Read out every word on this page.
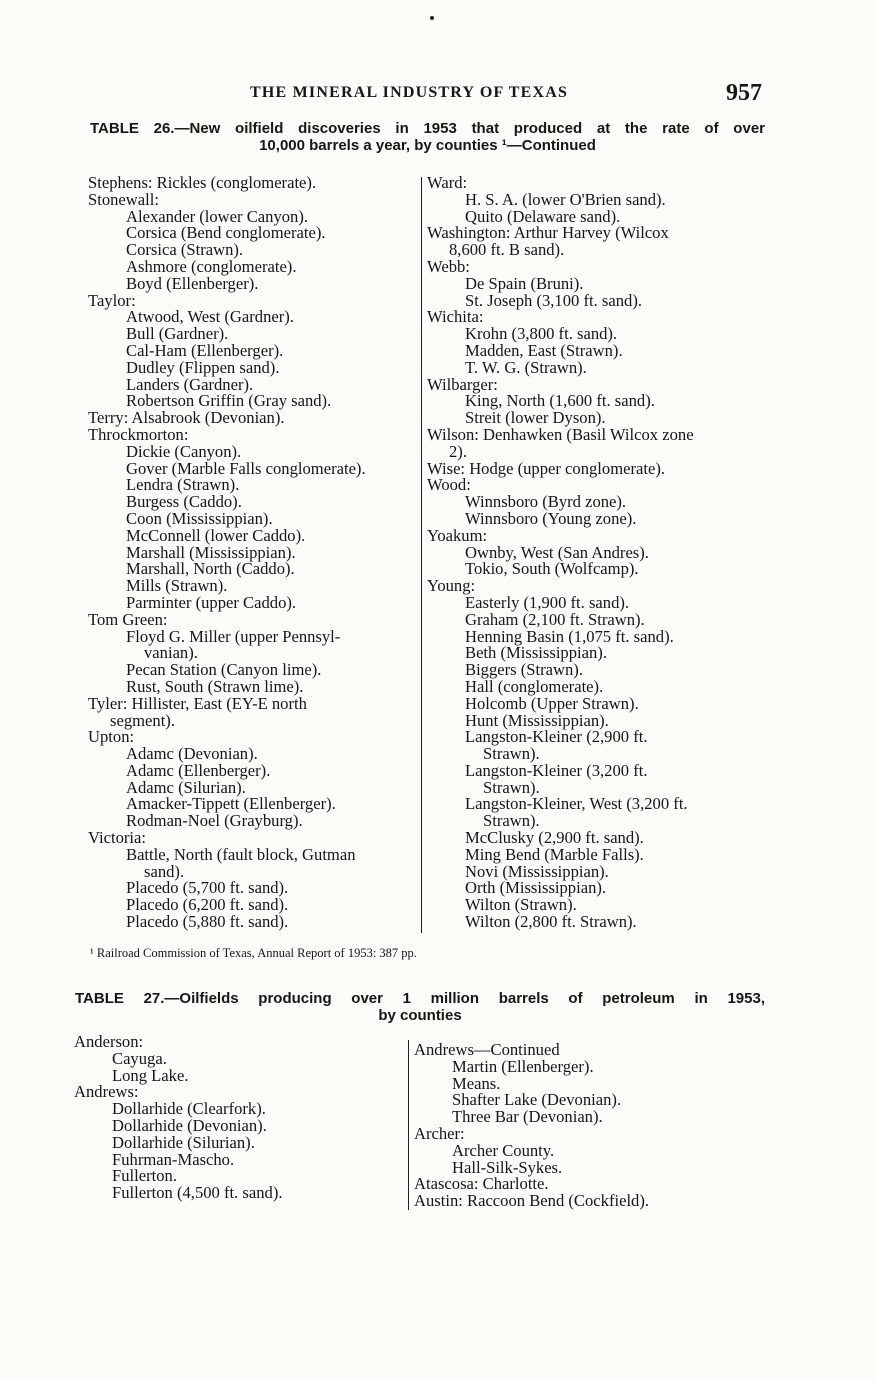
THE MINERAL INDUSTRY OF TEXAS	957
TABLE 26.—New oilfield discoveries in 1953 that produced at the rate of over
10,000 barrels a year, by counties ¹—Continued
Stephens: Rickles (conglomerate).
Stonewall:
Alexander (lower Canyon).
Corsica (Bend conglomerate).
Corsica (Strawn).
Ashmore (conglomerate).
Boyd (Ellenberger).
Taylor:
Atwood, West (Gardner).
Bull (Gardner).
Cal-Ham (Ellenberger).
Dudley (Flippen sand).
Landers (Gardner).
Robertson Griffin (Gray sand).
Terry: Alsabrook (Devonian).
Throckmorton:
Dickie (Canyon).
Gover (Marble Falls conglomerate).
Lendra (Strawn).
Burgess (Caddo).
Coon (Mississippian).
McConnell (lower Caddo).
Marshall (Mississippian).
Marshall, North (Caddo).
Mills (Strawn).
Parminter (upper Caddo).
Tom Green:
Floyd G. Miller (upper Pennsyl-
vanian).
Pecan Station (Canyon lime).
Rust, South (Strawn lime).
Tyler: Hillister, East (EY-E north
segment).
Upton:
Adamc (Devonian).
Adamc (Ellenberger).
Adamc (Silurian).
Amacker-Tippett (Ellenberger).
Rodman-Noel (Grayburg).
Victoria:
Battle, North (fault block, Gutman
sand).
Placedo (5,700 ft. sand).
Placedo (6,200 ft. sand).
Placedo (5,880 ft. sand).
Ward:
H. S. A. (lower O'Brien sand).
Quito (Delaware sand).
Washington: Arthur Harvey (Wilcox
8,600 ft. B sand).
Webb:
De Spain (Bruni).
St. Joseph (3,100 ft. sand).
Wichita:
Krohn (3,800 ft. sand).
Madden, East (Strawn).
T. W. G. (Strawn).
Wilbarger:
King, North (1,600 ft. sand).
Streit (lower Dyson).
Wilson: Denhawken (Basil Wilcox zone
2).
Wise: Hodge (upper conglomerate).
Wood:
Winnsboro (Byrd zone).
Winnsboro (Young zone).
Yoakum:
Ownby, West (San Andres).
Tokio, South (Wolfcamp).
Young:
Easterly (1,900 ft. sand).
Graham (2,100 ft. Strawn).
Henning Basin (1,075 ft. sand).
Beth (Mississippian).
Biggers (Strawn).
Hall (conglomerate).
Holcomb (Upper Strawn).
Hunt (Mississippian).
Langston-Kleiner (2,900 ft.
Strawn).
Langston-Kleiner (3,200 ft.
Strawn).
Langston-Kleiner, West (3,200 ft.
Strawn).
McClusky (2,900 ft. sand).
Ming Bend (Marble Falls).
Novi (Mississippian).
Orth (Mississippian).
Wilton (Strawn).
Wilton (2,800 ft. Strawn).
¹ Railroad Commission of Texas, Annual Report of 1953: 387 pp.
TABLE 27.—Oilfields producing over 1 million barrels of petroleum in 1953,
by counties
Anderson:
Cayuga.
Long Lake.
Andrews:
Dollarhide (Clearfork).
Dollarhide (Devonian).
Dollarhide (Silurian).
Fuhrman-Mascho.
Fullerton.
Fullerton (4,500 ft. sand).
Andrews—Continued
Martin (Ellenberger).
Means.
Shafter Lake (Devonian).
Three Bar (Devonian).
Archer:
Archer County.
Hall-Silk-Sykes.
Atascosa: Charlotte.
Austin: Raccoon Bend (Cockfield).
